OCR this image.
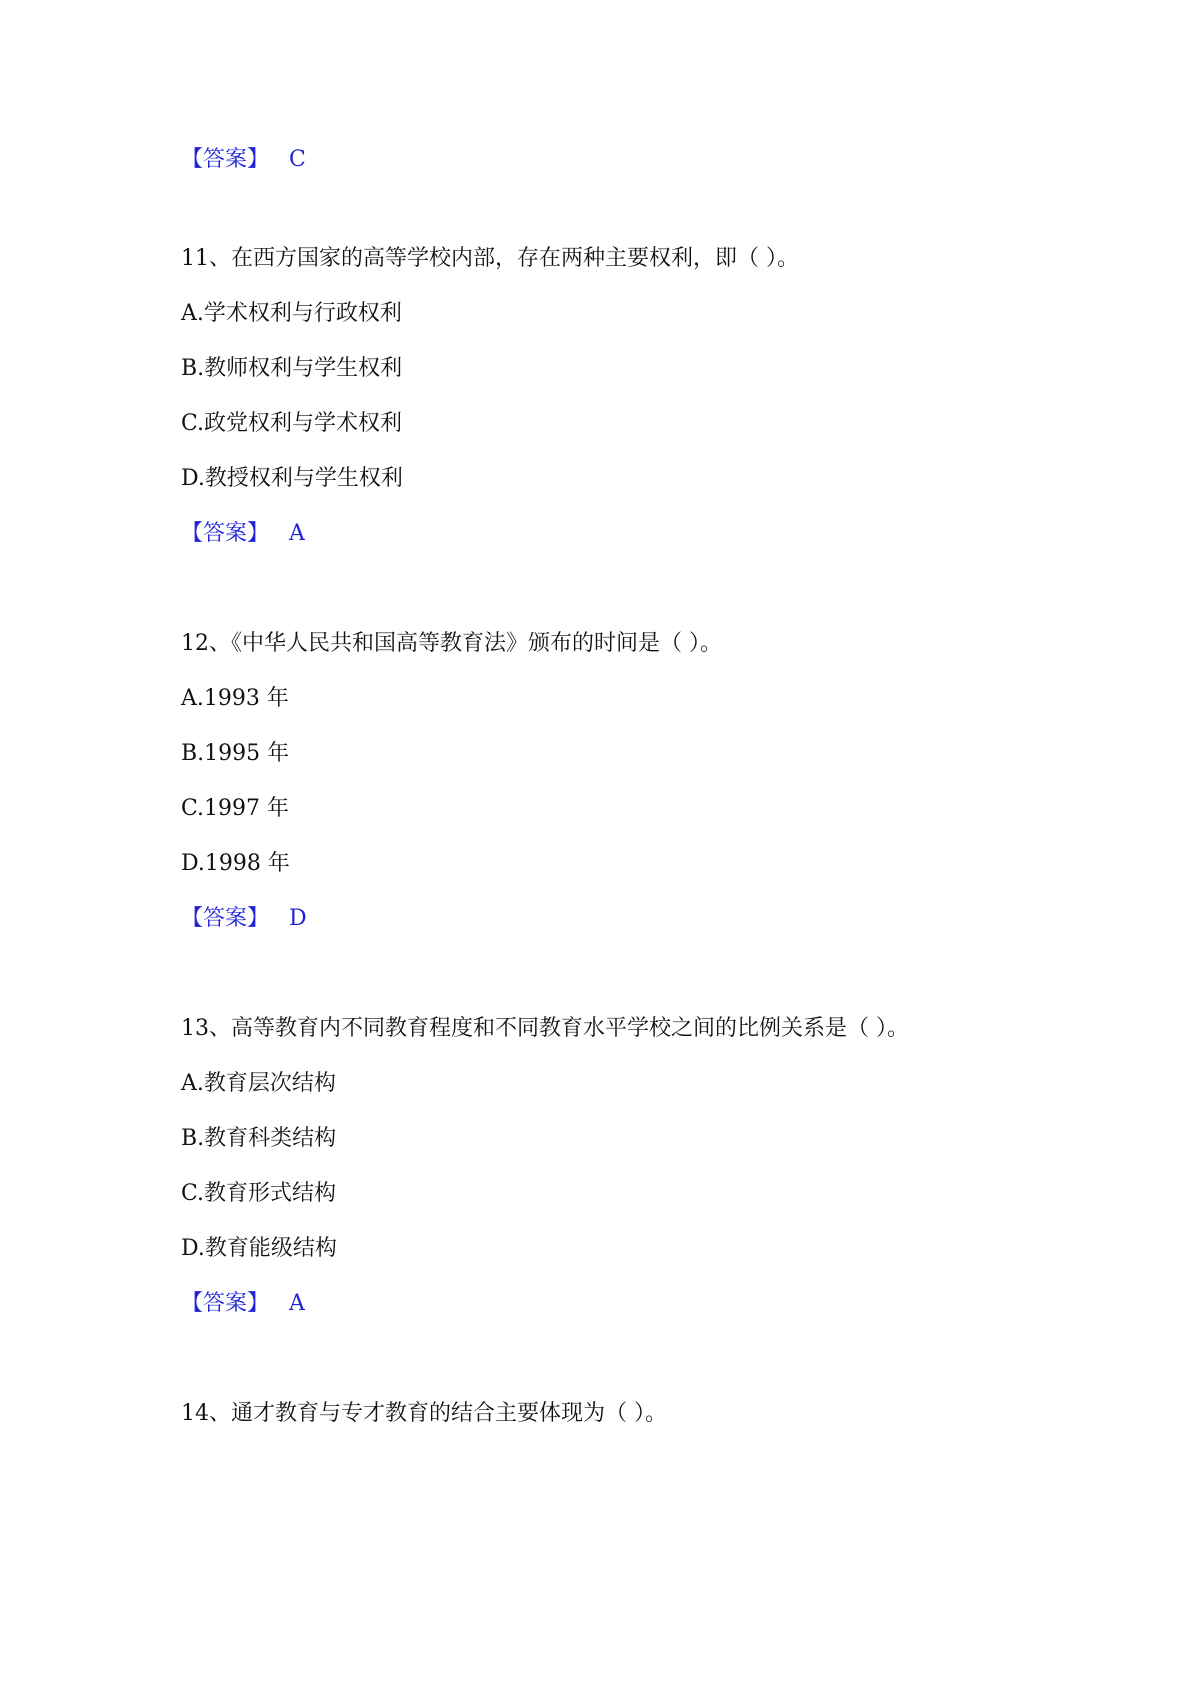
【答案】 C

11、在西方国家的高等学校内部，存在两种主要权利，即（ ）。

A.学术权利与行政权利

B.教师权利与学生权利

C.政党权利与学术权利

D.教授权利与学生权利

【答案】 A

12、《中华人民共和国高等教育法》颁布的时间是（ ）。

A.1993 年

B.1995 年

C.1997 年

D.1998 年

【答案】 D

13、高等教育内不同教育程度和不同教育水平学校之间的比例关系是（ ）。

A.教育层次结构

B.教育科类结构

C.教育形式结构

D.教育能级结构

【答案】 A

14、通才教育与专才教育的结合主要体现为（ ）。
